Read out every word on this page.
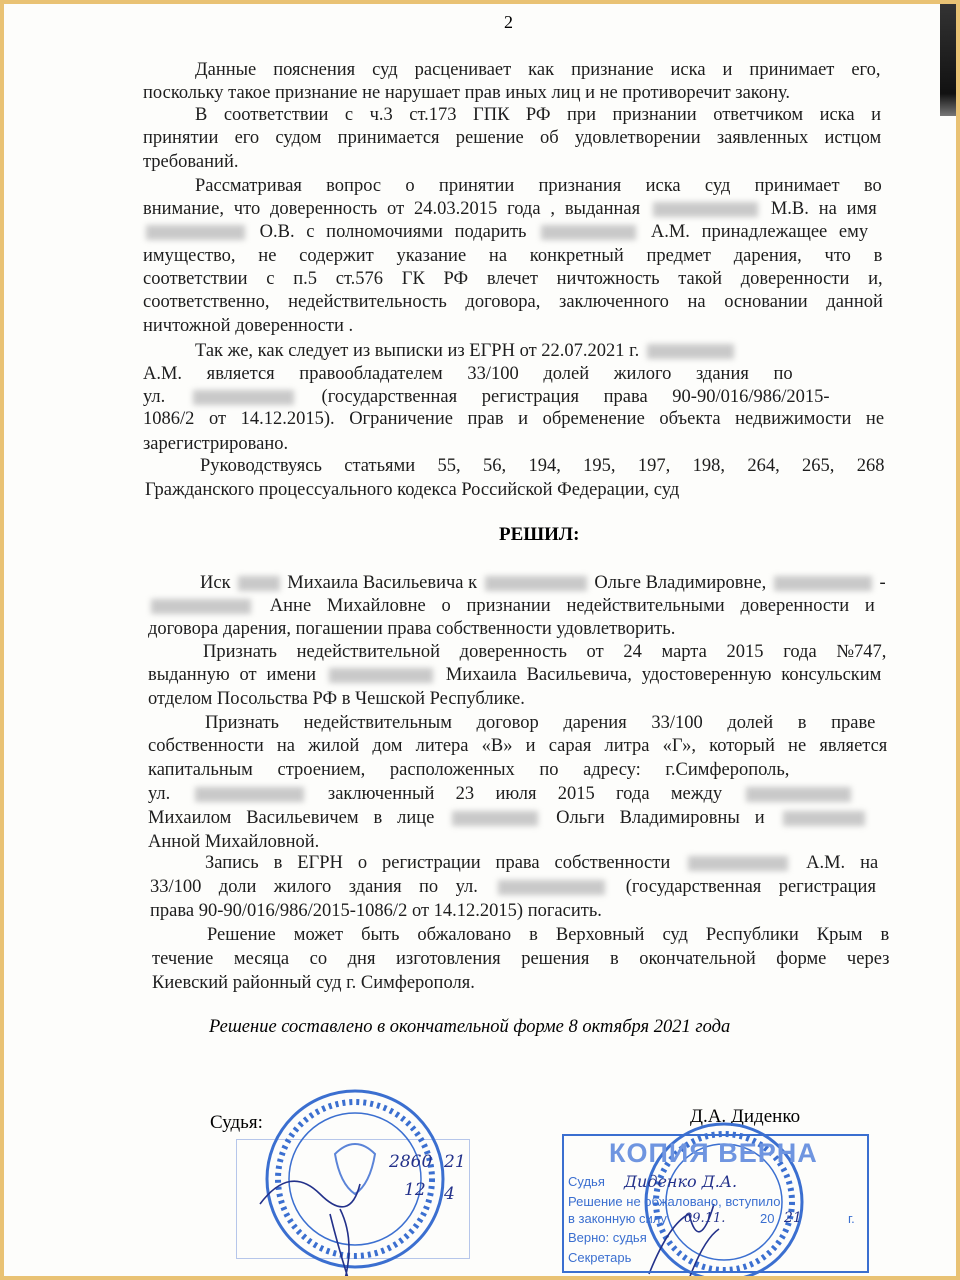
2
Данные пояснения суд расценивает как признание иска и принимает его,
поскольку такое признание не нарушает прав иных лиц и не противоречит закону.
В соответствии с ч.3 ст.173 ГПК РФ при признании ответчиком иска и
принятии его судом принимается решение об удовлетворении заявленных истцом
требований.
Рассматривая вопрос о принятии признания иска суд принимает во
внимание, что доверенность от 24.03.2015 года , выданная	М.В. на имя
О.В. с полномочиями подарить	А.М. принадлежащее ему
имущество, не содержит указание на конкретный предмет дарения, что в
соответствии с п.5 ст.576 ГК РФ влечет ничтожность такой доверенности и,
соответственно, недействительность договора, заключенного на основании данной
ничтожной доверенности .
Так же, как следует из выписки из ЕГРН от 22.07.2021 г.
А.М. является правообладателем 33/100 долей жилого здания по
ул.	(государственная регистрация права 90-90/016/986/2015-
1086/2 от 14.12.2015). Ограничение прав и обременение объекта недвижимости не
зарегистрировано.
Руководствуясь статьями 55, 56, 194, 195, 197, 198, 264, 265, 268
Гражданского процессуального кодекса Российской Федерации, суд
Иск	Михаила Васильевича к	Ольге Владимировне,	-
Анне Михайловне о признании недействительными доверенности и
договора дарения, погашении права собственности удовлетворить.
Признать недействительной доверенность от 24 марта 2015 года №747,
выданную от имени	Михаила Васильевича, удостоверенную консульским
отделом Посольства РФ в Чешской Республике.
Признать недействительным договор дарения 33/100 долей в праве
собственности на жилой дом литера «В» и сарая литра «Г», который не является
капитальным строением, расположенных по адресу: г.Симферополь,
ул.	заключенный 23 июля 2015 года между
Михаилом Васильевичем в лице	Ольги Владимировны и
Анной Михайловной.
Запись в ЕГРН о регистрации права собственности	А.М. на
33/100 доли жилого здания по ул.	(государственная регистрация
права 90-90/016/986/2015-1086/2 от 14.12.2015) погасить.
Решение может быть обжаловано в Верховный суд Республики Крым в
течение месяца со дня изготовления решения в окончательной форме через
Киевский районный суд г. Симферополя.
РЕШИЛ:
Решение составлено в окончательной форме 8 октября 2021 года
2860 21
12 4
Судья:	Д.А. Диденко
КОПИЯ ВЕРНА
Судья
Решение не обжаловано, вступило
в законную силу
Верно: судья
Секретарь
20	г.
Диденко Д.А.
09.11.	21
